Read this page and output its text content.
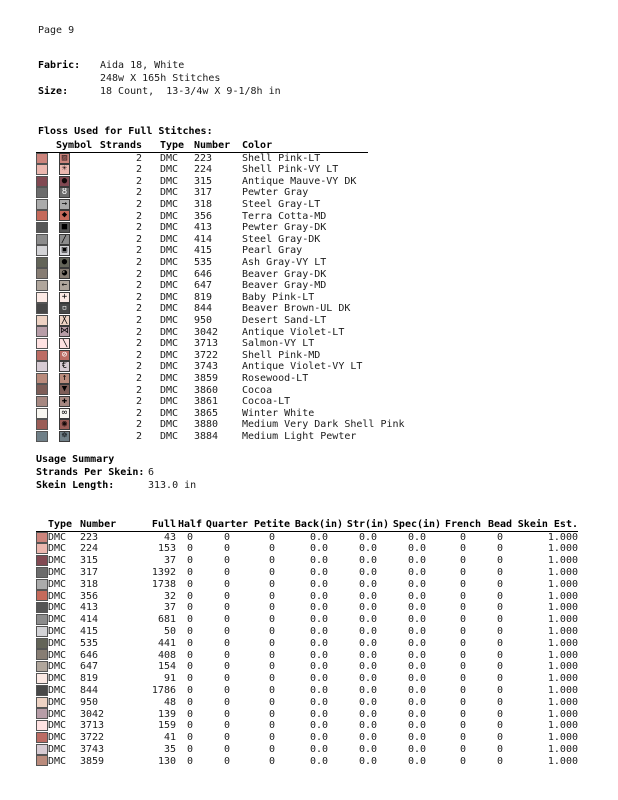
Page 9
Fabric:	Aida 18, White
248w X 165h Stitches
Size:	18 Count,  13-3/4w X 9-1/8h in
Floss Used for Full Stitches:
	Symbol	Strands	Type	Number	Color
	▨	2	DMC	223	Shell Pink-LT
	☀	2	DMC	224	Shell Pink-VY LT
	●	2	DMC	315	Antique Mauve-VY DK
	8	2	DMC	317	Pewter Gray
	→	2	DMC	318	Steel Gray-LT
	◆	2	DMC	356	Terra Cotta-MD
	■	2	DMC	413	Pewter Gray-DK
	╱	2	DMC	414	Steel Gray-DK
	▣	2	DMC	415	Pearl Gray
	●	2	DMC	535	Ash Gray-VY LT
	◕	2	DMC	646	Beaver Gray-DK
	←	2	DMC	647	Beaver Gray-MD
	+	2	DMC	819	Baby Pink-LT
	▫	2	DMC	844	Beaver Brown-UL DK
	╳	2	DMC	950	Desert Sand-LT
	⋈	2	DMC	3042	Antique Violet-LT
	╲	2	DMC	3713	Salmon-VY LT
	⊘	2	DMC	3722	Shell Pink-MD
	€	2	DMC	3743	Antique Violet-VY LT
	↑	2	DMC	3859	Rosewood-LT
	▼	2	DMC	3860	Cocoa
	✚	2	DMC	3861	Cocoa-LT
	∞	2	DMC	3865	Winter White
	◉	2	DMC	3880	Medium Very Dark Shell Pink
	☸	2	DMC	3884	Medium Light Pewter
Usage Summary
Strands Per Skein: 6
Skein Length:	313.0 in
	Type	Number	Full	Half	Quarter	Petite	Back(in)	Str(in)	Spec(in)	French	Bead	Skein Est.
	DMC	223	43	0	0	0	0.0	0.0	0.0	0	0	1.000
	DMC	224	153	0	0	0	0.0	0.0	0.0	0	0	1.000
	DMC	315	37	0	0	0	0.0	0.0	0.0	0	0	1.000
	DMC	317	1392	0	0	0	0.0	0.0	0.0	0	0	1.000
	DMC	318	1738	0	0	0	0.0	0.0	0.0	0	0	1.000
	DMC	356	32	0	0	0	0.0	0.0	0.0	0	0	1.000
	DMC	413	37	0	0	0	0.0	0.0	0.0	0	0	1.000
	DMC	414	681	0	0	0	0.0	0.0	0.0	0	0	1.000
	DMC	415	50	0	0	0	0.0	0.0	0.0	0	0	1.000
	DMC	535	441	0	0	0	0.0	0.0	0.0	0	0	1.000
	DMC	646	408	0	0	0	0.0	0.0	0.0	0	0	1.000
	DMC	647	154	0	0	0	0.0	0.0	0.0	0	0	1.000
	DMC	819	91	0	0	0	0.0	0.0	0.0	0	0	1.000
	DMC	844	1786	0	0	0	0.0	0.0	0.0	0	0	1.000
	DMC	950	48	0	0	0	0.0	0.0	0.0	0	0	1.000
	DMC	3042	139	0	0	0	0.0	0.0	0.0	0	0	1.000
	DMC	3713	159	0	0	0	0.0	0.0	0.0	0	0	1.000
	DMC	3722	41	0	0	0	0.0	0.0	0.0	0	0	1.000
	DMC	3743	35	0	0	0	0.0	0.0	0.0	0	0	1.000
	DMC	3859	130	0	0	0	0.0	0.0	0.0	0	0	1.000
